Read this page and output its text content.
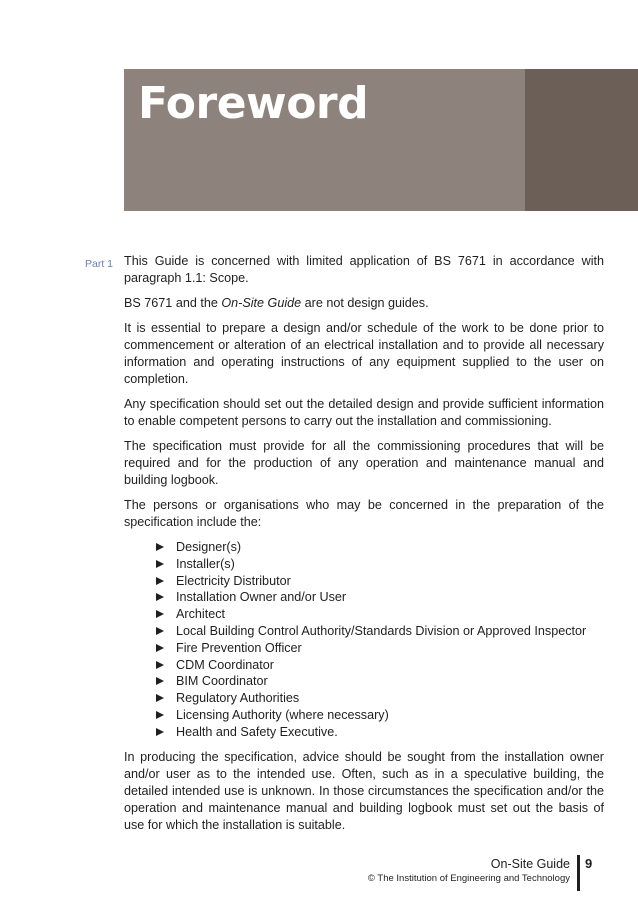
Foreword
Part 1 This Guide is concerned with limited application of BS 7671 in accordance with paragraph 1.1: Scope.

BS 7671 and the On-Site Guide are not design guides.

It is essential to prepare a design and/or schedule of the work to be done prior to commencement or alteration of an electrical installation and to provide all necessary information and operating instructions of any equipment supplied to the user on completion.

Any specification should set out the detailed design and provide sufficient information to enable competent persons to carry out the installation and commissioning.

The specification must provide for all the commissioning procedures that will be required and for the production of any operation and maintenance manual and building logbook.

The persons or organisations who may be concerned in the preparation of the specification include the:

Designer(s)
Installer(s)
Electricity Distributor
Installation Owner and/or User
Architect
Local Building Control Authority/Standards Division or Approved Inspector
Fire Prevention Officer
CDM Coordinator
BIM Coordinator
Regulatory Authorities
Licensing Authority (where necessary)
Health and Safety Executive.

In producing the specification, advice should be sought from the installation owner and/or user as to the intended use. Often, such as in a speculative building, the detailed intended use is unknown. In those circumstances the specification and/or the operation and maintenance manual and building logbook must set out the basis of use for which the installation is suitable.

On-Site Guide
© The Institution of Engineering and Technology
9
